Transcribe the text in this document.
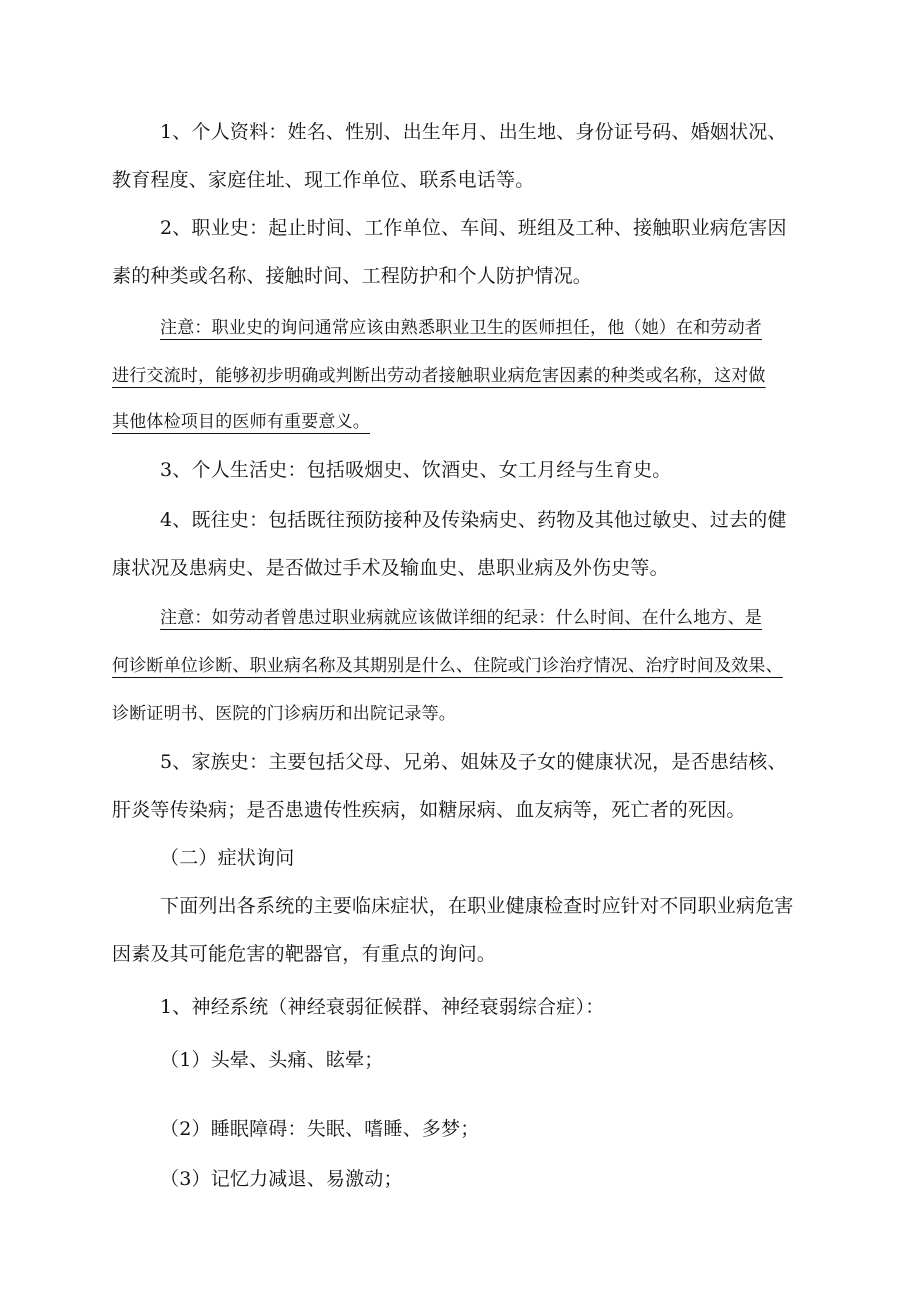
1、个人资料：姓名、性别、出生年月、出生地、身份证号码、婚姻状况、
教育程度、家庭住址、现工作单位、联系电话等。
2、职业史：起止时间、工作单位、车间、班组及工种、接触职业病危害因
素的种类或名称、接触时间、工程防护和个人防护情况。
注意：职业史的询问通常应该由熟悉职业卫生的医师担任，他（她）在和劳动者
进行交流时，能够初步明确或判断出劳动者接触职业病危害因素的种类或名称，这对做
其他体检项目的医师有重要意义。
3、个人生活史：包括吸烟史、饮酒史、女工月经与生育史。
4、既往史：包括既往预防接种及传染病史、药物及其他过敏史、过去的健
康状况及患病史、是否做过手术及输血史、患职业病及外伤史等。
注意：如劳动者曾患过职业病就应该做详细的纪录：什么时间、在什么地方、是
何诊断单位诊断、职业病名称及其期别是什么、住院或门诊治疗情况、治疗时间及效果、
诊断证明书、医院的门诊病历和出院记录等。
5、家族史：主要包括父母、兄弟、姐妹及子女的健康状况，是否患结核、
肝炎等传染病；是否患遗传性疾病，如糖尿病、血友病等，死亡者的死因。
（二）症状询问
下面列出各系统的主要临床症状，在职业健康检查时应针对不同职业病危害
因素及其可能危害的靶器官，有重点的询问。
1、神经系统（神经衰弱征候群、神经衰弱综合症）：
（1）头晕、头痛、眩晕；
（2）睡眠障碍：失眠、嗜睡、多梦；
（3）记忆力减退、易激动；
